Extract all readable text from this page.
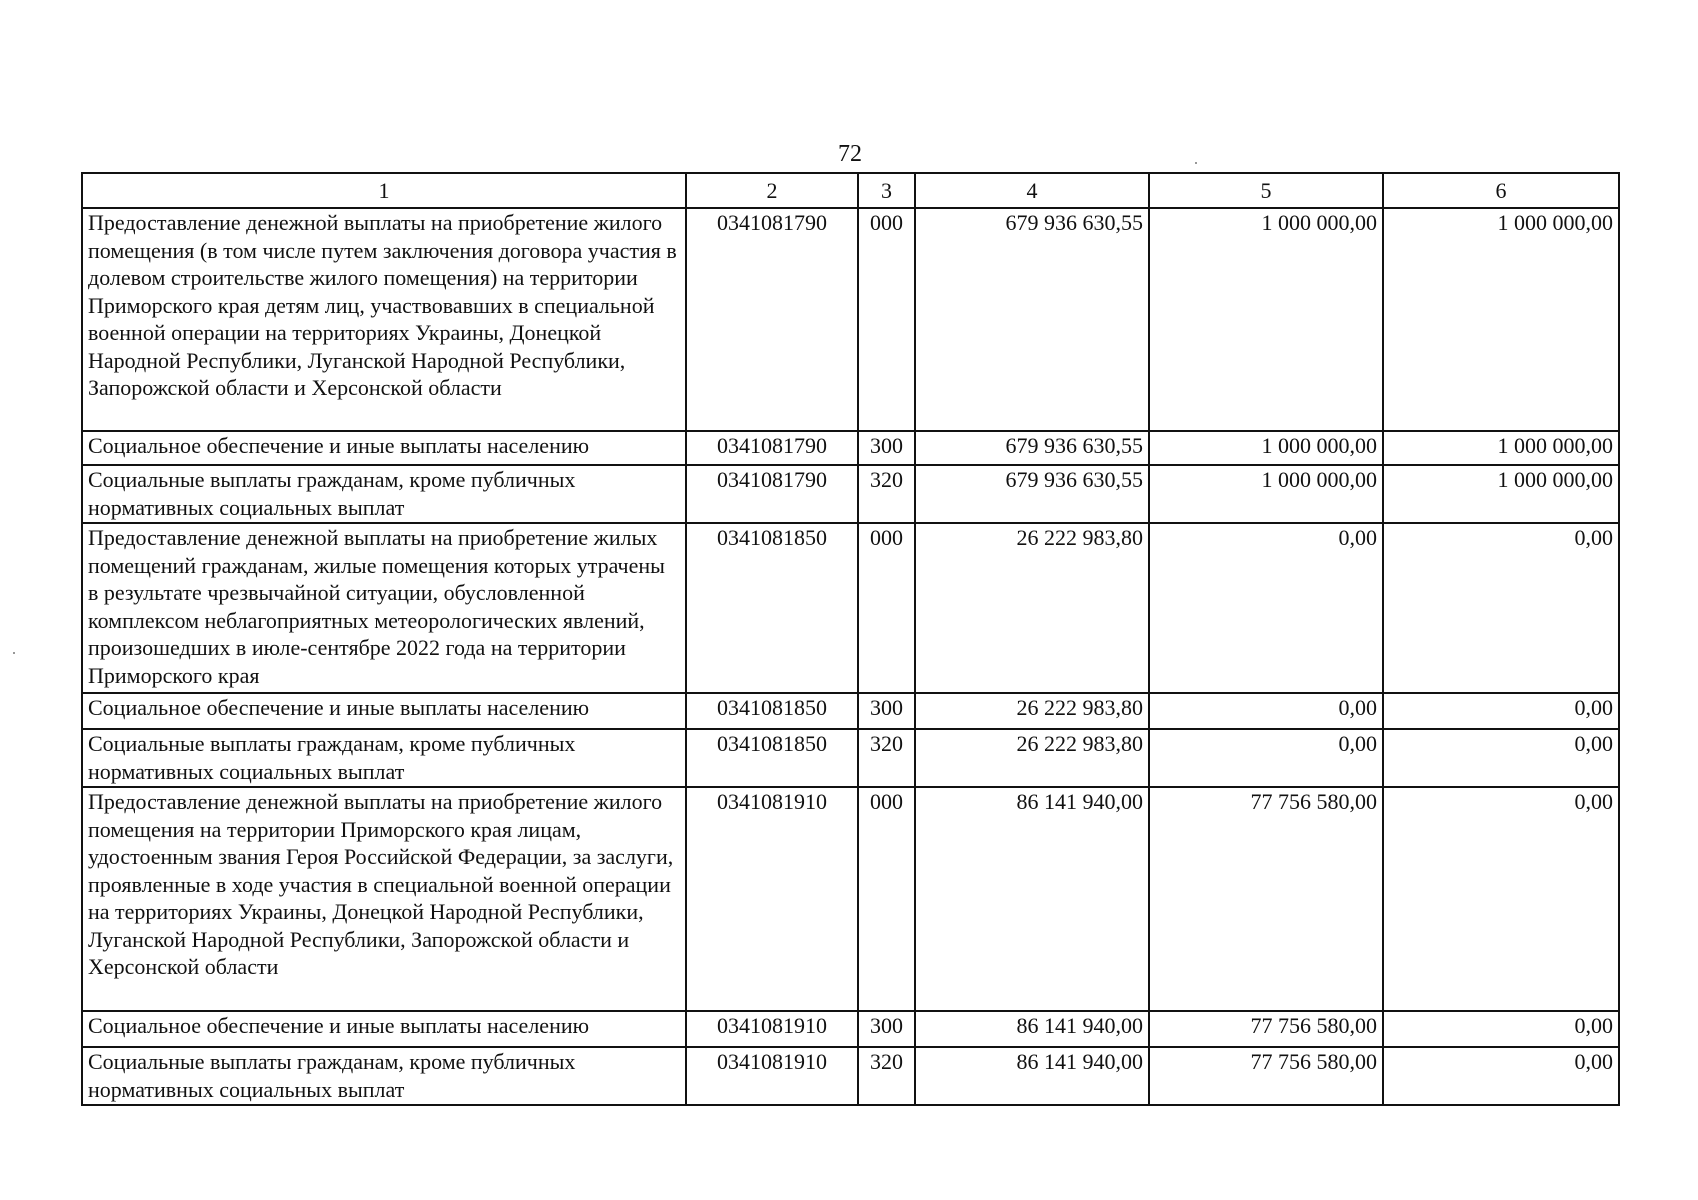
72
1	2	3	4	5	6
Предоставление денежной выплаты на приобретение жилого помещения (в том числе путем заключения договора участия в долевом строительстве жилого помещения) на территории Приморского края детям лиц, участвовавших в специальной военной операции на территориях Украины, Донецкой Народной Республики, Луганской Народной Республики, Запорожской области и Херсонской области	0341081790	000	679 936 630,55	1 000 000,00	1 000 000,00
Социальное обеспечение и иные выплаты населению	0341081790	300	679 936 630,55	1 000 000,00	1 000 000,00
Социальные выплаты гражданам, кроме публичных нормативных социальных выплат	0341081790	320	679 936 630,55	1 000 000,00	1 000 000,00
Предоставление денежной выплаты на приобретение жилых помещений гражданам, жилые помещения которых утрачены в результате чрезвычайной ситуации, обусловленной комплексом неблагоприятных метеорологических явлений, произошедших в июле-сентябре 2022 года на территории Приморского края	0341081850	000	26 222 983,80	0,00	0,00
Социальное обеспечение и иные выплаты населению	0341081850	300	26 222 983,80	0,00	0,00
Социальные выплаты гражданам, кроме публичных нормативных социальных выплат	0341081850	320	26 222 983,80	0,00	0,00
Предоставление денежной выплаты на приобретение жилого помещения на территории Приморского края лицам, удостоенным звания Героя Российской Федерации, за заслуги, проявленные в ходе участия в специальной военной операции на территориях Украины, Донецкой Народной Республики, Луганской Народной Республики, Запорожской области и Херсонской области	0341081910	000	86 141 940,00	77 756 580,00	0,00
Социальное обеспечение и иные выплаты населению	0341081910	300	86 141 940,00	77 756 580,00	0,00
Социальные выплаты гражданам, кроме публичных нормативных социальных выплат	0341081910	320	86 141 940,00	77 756 580,00	0,00
